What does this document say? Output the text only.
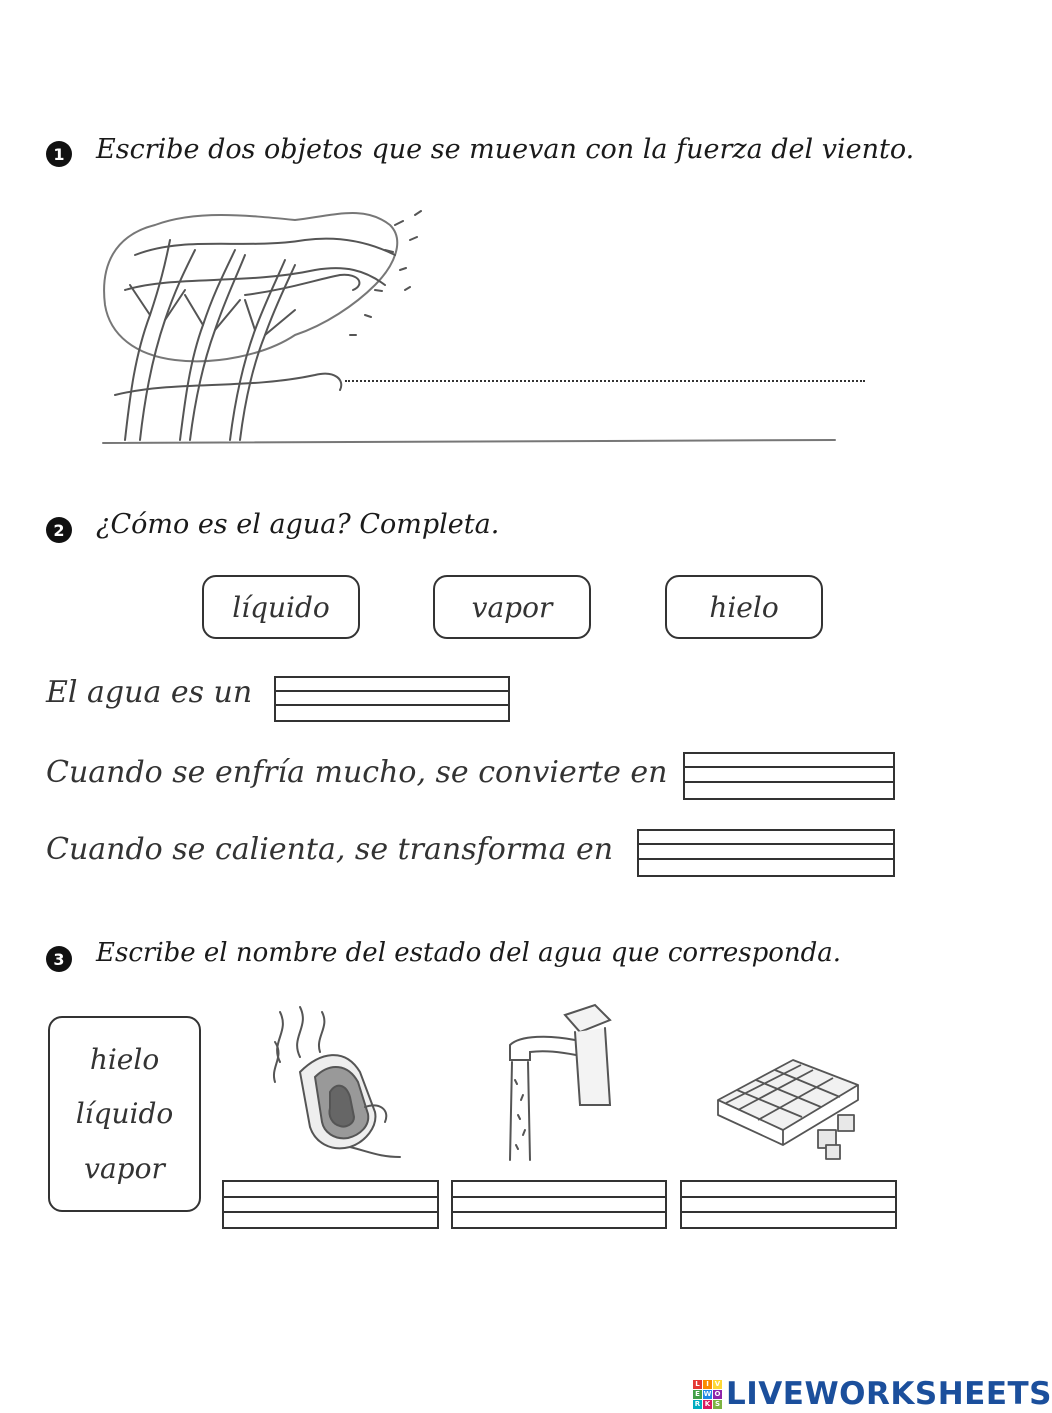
1 Escribe dos objetos que se muevan con la fuerza del viento.
2 ¿Cómo es el agua? Completa.
líquido	vapor	hielo
El agua es un
Cuando se enfría mucho, se convierte en
Cuando se calienta, se transforma en
3 Escribe el nombre del estado del agua que corresponda.
hielo
líquido
vapor
L I V
E W O
R K S LIVEWORKSHEETS
